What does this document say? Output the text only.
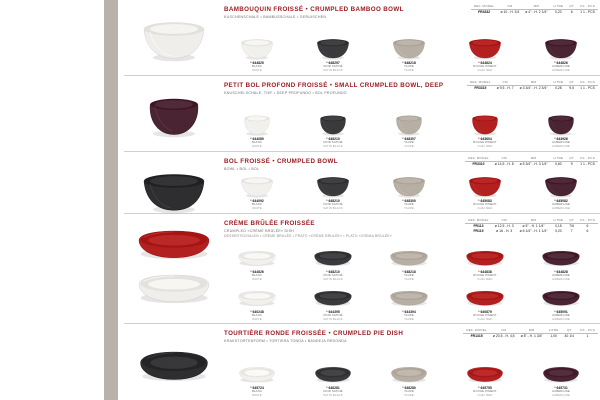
BAMBOUQUIN FROISSÉ • CRUMPLED BAMBOO BOWL
KUSCHENSCHALE • BAMBUSSCHALE • GERUISCHEN
REF. MODEL	CM	MM	LITRE	QT	CS - PCS
FR3332	ø 10 - H. 5,5	ø 4" - H. 2 1/4"	0,20	6	1 1 - PCS
* 644825
BLANC
WHITE
* 648297
NOIR SATINÉ
SATIN BLACK
* 648218
TAUPE
TAUPE
* 644824
ROUGE PIMENT
CHILI RED
* 644826
AUBERGINE
AUBERGINE
PETIT BOL PROFOND FROISSÉ • SMALL CRUMPLED BOWL, DEEP
KNUSCHELSCHALE, TIEF • DEEP PROFUNDO • BOL PROFUNDO
REF. MODEL	CM	MM	LITRE	QT	CS - PCS
FR3315	ø 9,5 - H. 7	ø 3 3/4" - H. 2 3/4"	0,28	9,5	1 1 - PCS
* 644089
BLANC
WHITE
* 648210
NOIR SATINÉ
SATIN BLACK
* 648307
TAUPE
TAUPE
* 643604
ROUGE PIMENT
CHILI RED
* 643926
AUBERGINE
AUBERGINE
BOL FROISSÉ • CRUMPLED BOWL
BOWL • BOL • BOL
REF. MODEL	CM	MM	LITRE	QT	CS - PCS
FR3310	ø 14,5 - H. 8	ø 5 3/4" - H. 3 1/4"	0,60	9	1 1 - PCS
* 644092
BLANC
WHITE
* 648210
NOIR SATINÉ
SATIN BLACK
* 648300
TAUPE
TAUPE
* 645083
ROUGE PIMENT
CHILI RED
* 645082
AUBERGINE
AUBERGINE
CRÈME BRÛLÉE FROISSÉE
CRUMPLED «CRÈME BRÛLÉE» DISH
DESSERTSCHALEN • CRÈME BRULÉE • PRATO «CRÈME BRULÉE» • PLATO «CREMA BRULÉE»
REF. MODEL	CM	MM	LITRE	QT	CS - PCS
FR113	ø 12,5 - H. 3	ø 5" - H. 1 1/4"	0,15	7/6	6
FR119	ø 16 - H. 3	ø 6 1/4" - H. 1 1/4"	0,20	7	6
* 644826
BLANC
WHITE
* 648210
NOIR SATINÉ
SATIN BLACK
* 648218
TAUPE
TAUPE
* 644838
ROUGE PIMENT
CHILI RED
* 644828
AUBERGINE
AUBERGINE
* 640248
BLANC
WHITE
* 644395
NOIR SATINÉ
SATIN BLACK
* 644394
TAUPE
TAUPE
* 640879
ROUGE PIMENT
CHILI RED
* 645091
AUBERGINE
AUBERGINE
TOURTIÈRE RONDE FROISSÉE • CRUMPLED PIE DISH
KRAKSTORTENFORM • TORTIERA TONDA • BANDEJA REDONDA
REF. MODEL	CM	MM	LITRE	QT	CS - PCS
FR1315	ø 20,5 - H. 4,5	ø 8" - H. 1 3/4"	1,00	40 1/4	1
* 645724
BLANC
WHITE
* 648281
NOIR SATINÉ
SATIN BLACK
* 648280
TAUPE
TAUPE
* 645755
ROUGE PIMENT
CHILI RED
* 645731
AUBERGINE
AUBERGINE
